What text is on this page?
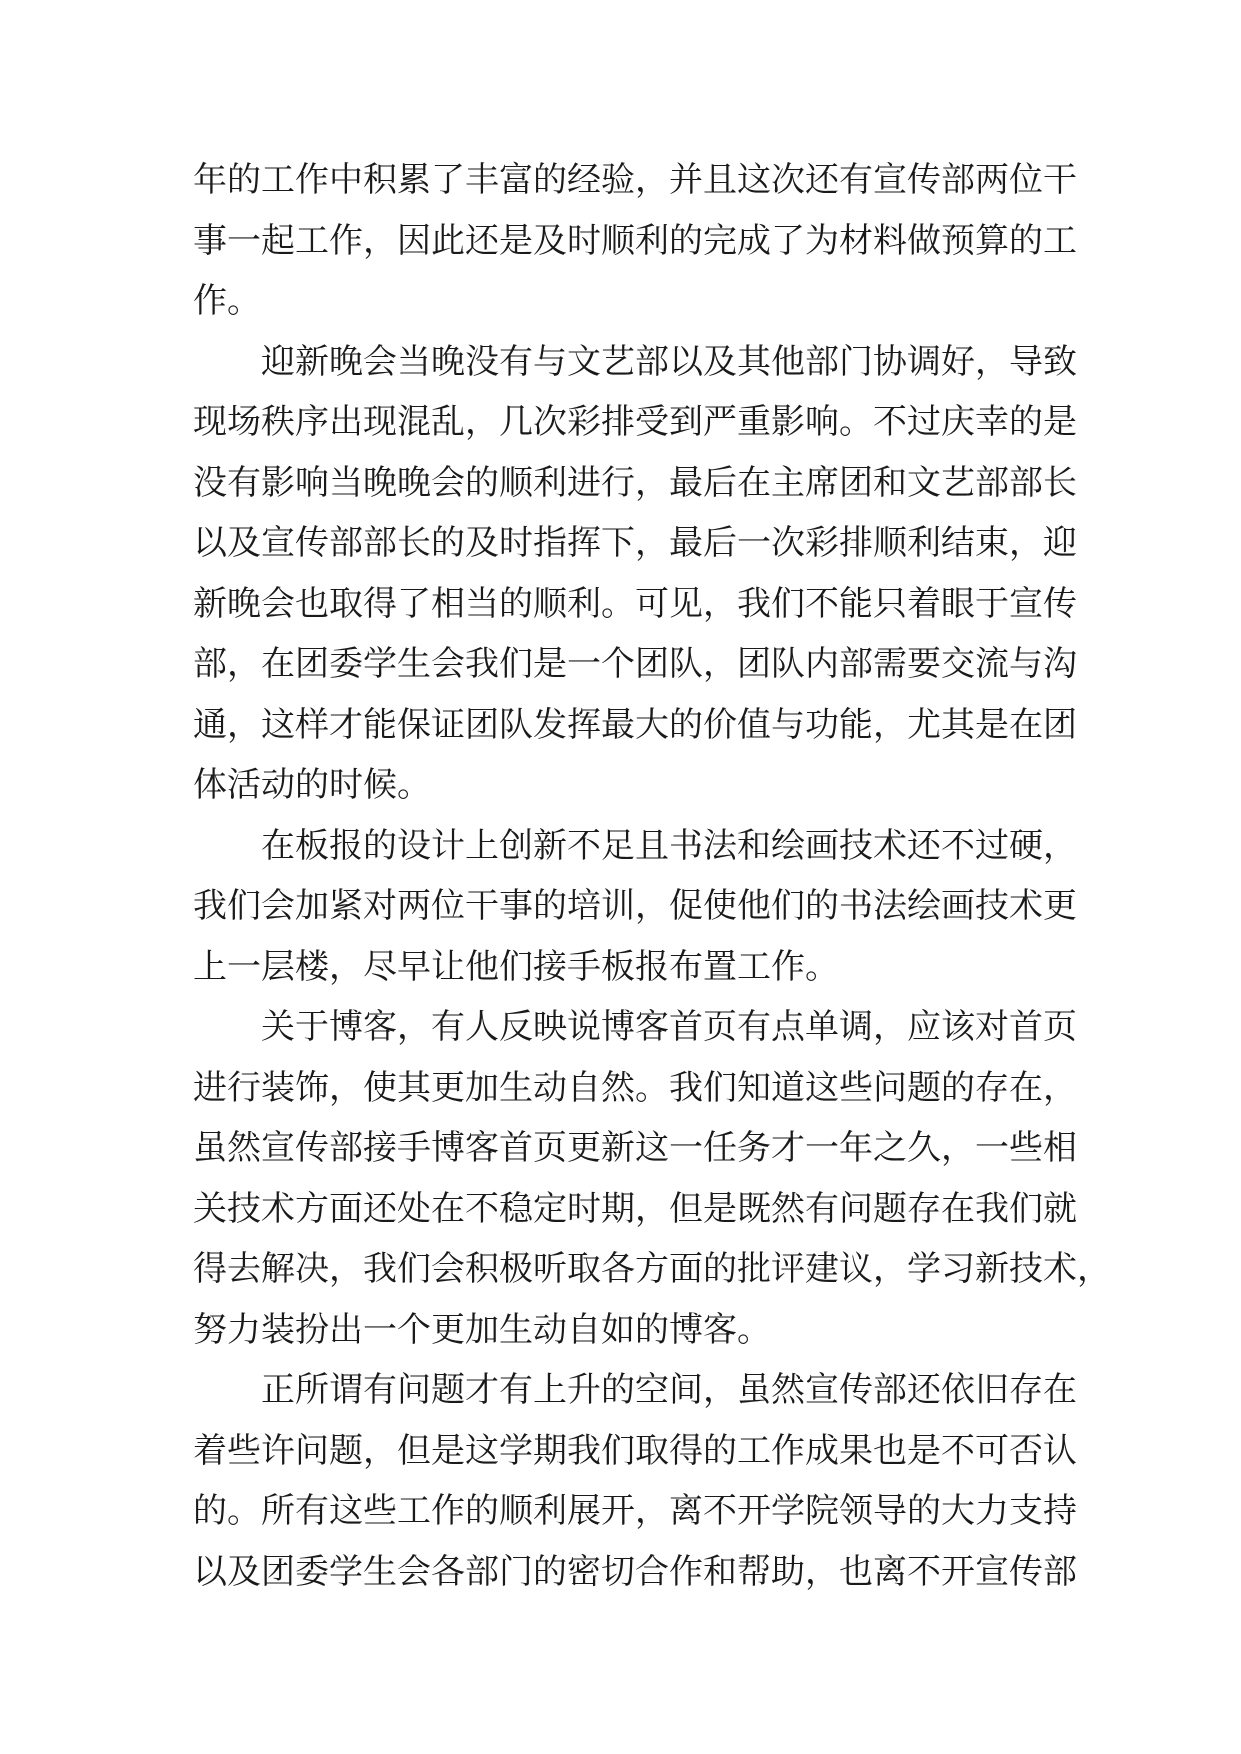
年的工作中积累了丰富的经验，并且这次还有宣传部两位干
事一起工作，因此还是及时顺利的完成了为材料做预算的工
作。
迎新晚会当晚没有与文艺部以及其他部门协调好，导致
现场秩序出现混乱，几次彩排受到严重影响。不过庆幸的是
没有影响当晚晚会的顺利进行，最后在主席团和文艺部部长
以及宣传部部长的及时指挥下，最后一次彩排顺利结束，迎
新晚会也取得了相当的顺利。可见，我们不能只着眼于宣传
部，在团委学生会我们是一个团队，团队内部需要交流与沟
通，这样才能保证团队发挥最大的价值与功能，尤其是在团
体活动的时候。
在板报的设计上创新不足且书法和绘画技术还不过硬，
我们会加紧对两位干事的培训，促使他们的书法绘画技术更
上一层楼，尽早让他们接手板报布置工作。
关于博客，有人反映说博客首页有点单调，应该对首页
进行装饰，使其更加生动自然。我们知道这些问题的存在，
虽然宣传部接手博客首页更新这一任务才一年之久，一些相
关技术方面还处在不稳定时期，但是既然有问题存在我们就
得去解决，我们会积极听取各方面的批评建议，学习新技术，
努力装扮出一个更加生动自如的博客。
正所谓有问题才有上升的空间，虽然宣传部还依旧存在
着些许问题，但是这学期我们取得的工作成果也是不可否认
的。所有这些工作的顺利展开，离不开学院领导的大力支持
以及团委学生会各部门的密切合作和帮助，也离不开宣传部
